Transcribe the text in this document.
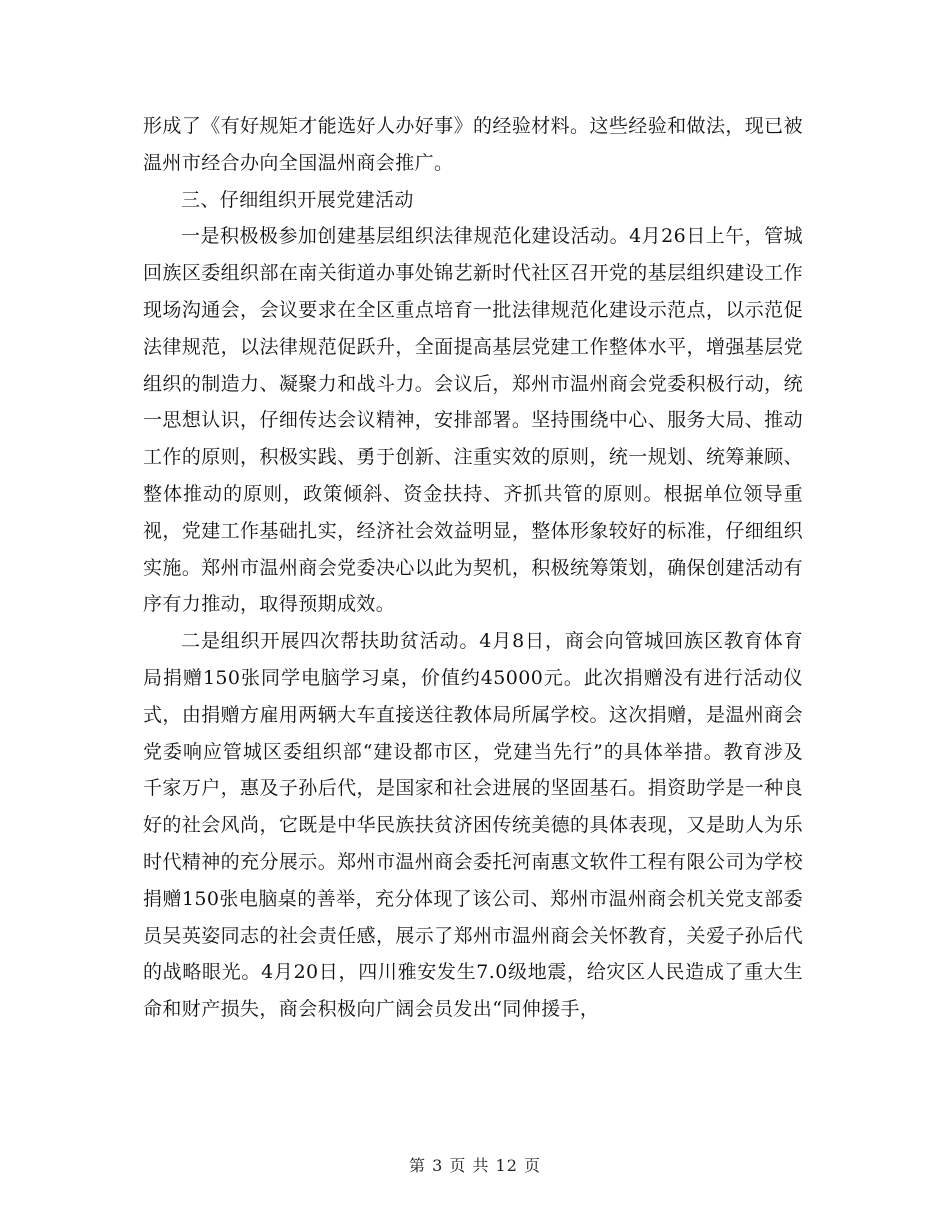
形成了《有好规矩才能选好人办好事》的经验材料。这些经验和做法，现已被温州市经合办向全国温州商会推广。

三、仔细组织开展党建活动

一是积极极参加创建基层组织法律规范化建设活动。4月26日上午，管城回族区委组织部在南关街道办事处锦艺新时代社区召开党的基层组织建设工作现场沟通会，会议要求在全区重点培育一批法律规范化建设示范点，以示范促法律规范，以法律规范促跃升，全面提高基层党建工作整体水平，增强基层党组织的制造力、凝聚力和战斗力。会议后，郑州市温州商会党委积极行动，统一思想认识，仔细传达会议精神，安排部署。坚持围绕中心、服务大局、推动工作的原则，积极实践、勇于创新、注重实效的原则，统一规划、统筹兼顾、整体推动的原则，政策倾斜、资金扶持、齐抓共管的原则。根据单位领导重视，党建工作基础扎实，经济社会效益明显，整体形象较好的标准，仔细组织实施。郑州市温州商会党委决心以此为契机，积极统筹策划，确保创建活动有序有力推动，取得预期成效。

二是组织开展四次帮扶助贫活动。4月8日，商会向管城回族区教育体育局捐赠150张同学电脑学习桌，价值约45000元。此次捐赠没有进行活动仪式，由捐赠方雇用两辆大车直接送往教体局所属学校。这次捐赠，是温州商会党委响应管城区委组织部“建设都市区，党建当先行”的具体举措。教育涉及千家万户，惠及子孙后代，是国家和社会进展的坚固基石。捐资助学是一种良好的社会风尚，它既是中华民族扶贫济困传统美德的具体表现，又是助人为乐时代精神的充分展示。郑州市温州商会委托河南惠文软件工程有限公司为学校捐赠150张电脑桌的善举，充分体现了该公司、郑州市温州商会机关党支部委员吴英姿同志的社会责任感，展示了郑州市温州商会关怀教育，关爱子孙后代的战略眼光。4月20日，四川雅安发生7.0级地震，给灾区人民造成了重大生命和财产损失，商会积极向广阔会员发出“同伸援手，

第 3 页 共 12 页
